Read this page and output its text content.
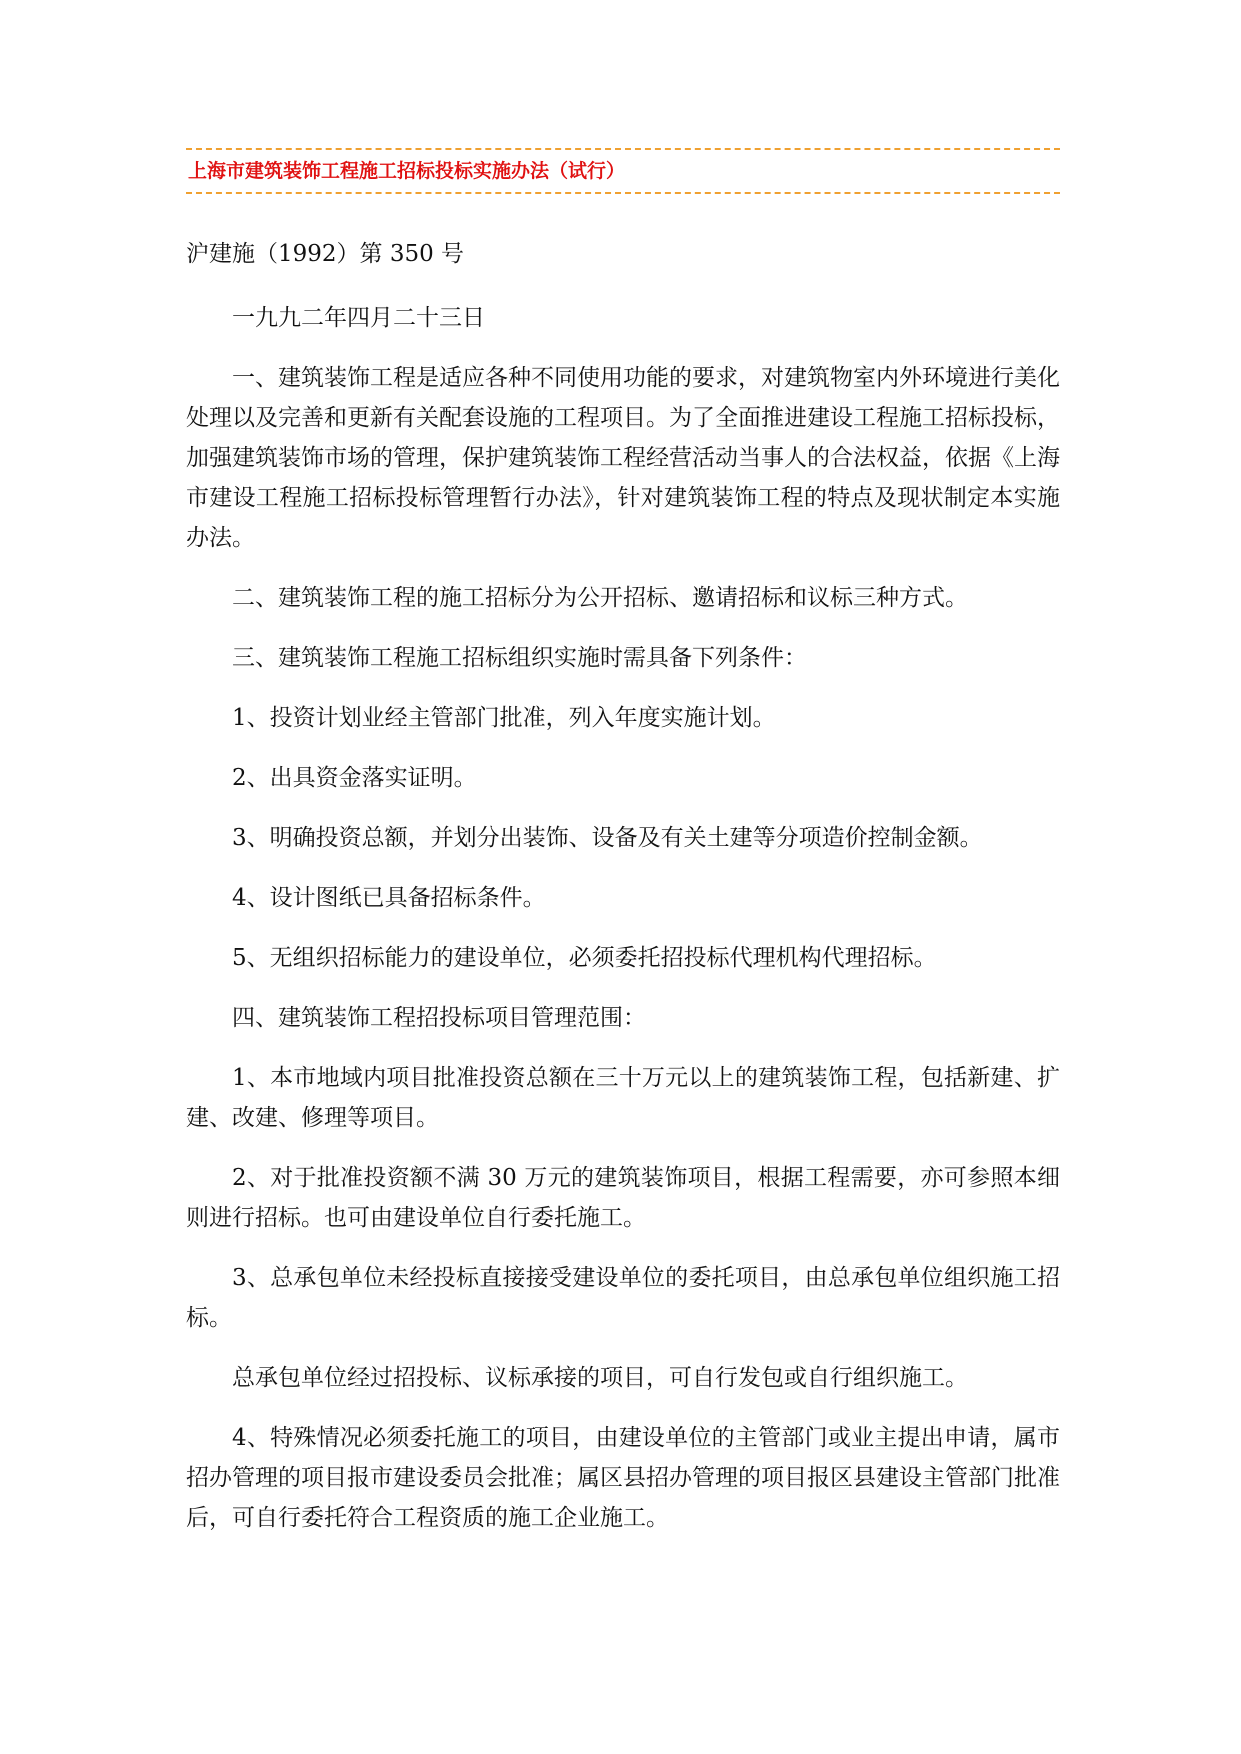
上海市建筑装饰工程施工招标投标实施办法（试行）

沪建施（1992）第 350 号

一九九二年四月二十三日

一、建筑装饰工程是适应各种不同使用功能的要求，对建筑物室内外环境进行美化处理以及完善和更新有关配套设施的工程项目。为了全面推进建设工程施工招标投标，加强建筑装饰市场的管理，保护建筑装饰工程经营活动当事人的合法权益，依据《上海市建设工程施工招标投标管理暂行办法》，针对建筑装饰工程的特点及现状制定本实施办法。

二、建筑装饰工程的施工招标分为公开招标、邀请招标和议标三种方式。

三、建筑装饰工程施工招标组织实施时需具备下列条件：

1、投资计划业经主管部门批准，列入年度实施计划。

2、出具资金落实证明。

3、明确投资总额，并划分出装饰、设备及有关土建等分项造价控制金额。

4、设计图纸已具备招标条件。

5、无组织招标能力的建设单位，必须委托招投标代理机构代理招标。

四、建筑装饰工程招投标项目管理范围：

1、本市地域内项目批准投资总额在三十万元以上的建筑装饰工程，包括新建、扩建、改建、修理等项目。

2、对于批准投资额不满 30 万元的建筑装饰项目，根据工程需要，亦可参照本细则进行招标。也可由建设单位自行委托施工。

3、总承包单位未经投标直接接受建设单位的委托项目，由总承包单位组织施工招标。

总承包单位经过招投标、议标承接的项目，可自行发包或自行组织施工。

4、特殊情况必须委托施工的项目，由建设单位的主管部门或业主提出申请，属市招办管理的项目报市建设委员会批准；属区县招办管理的项目报区县建设主管部门批准后，可自行委托符合工程资质的施工企业施工。
